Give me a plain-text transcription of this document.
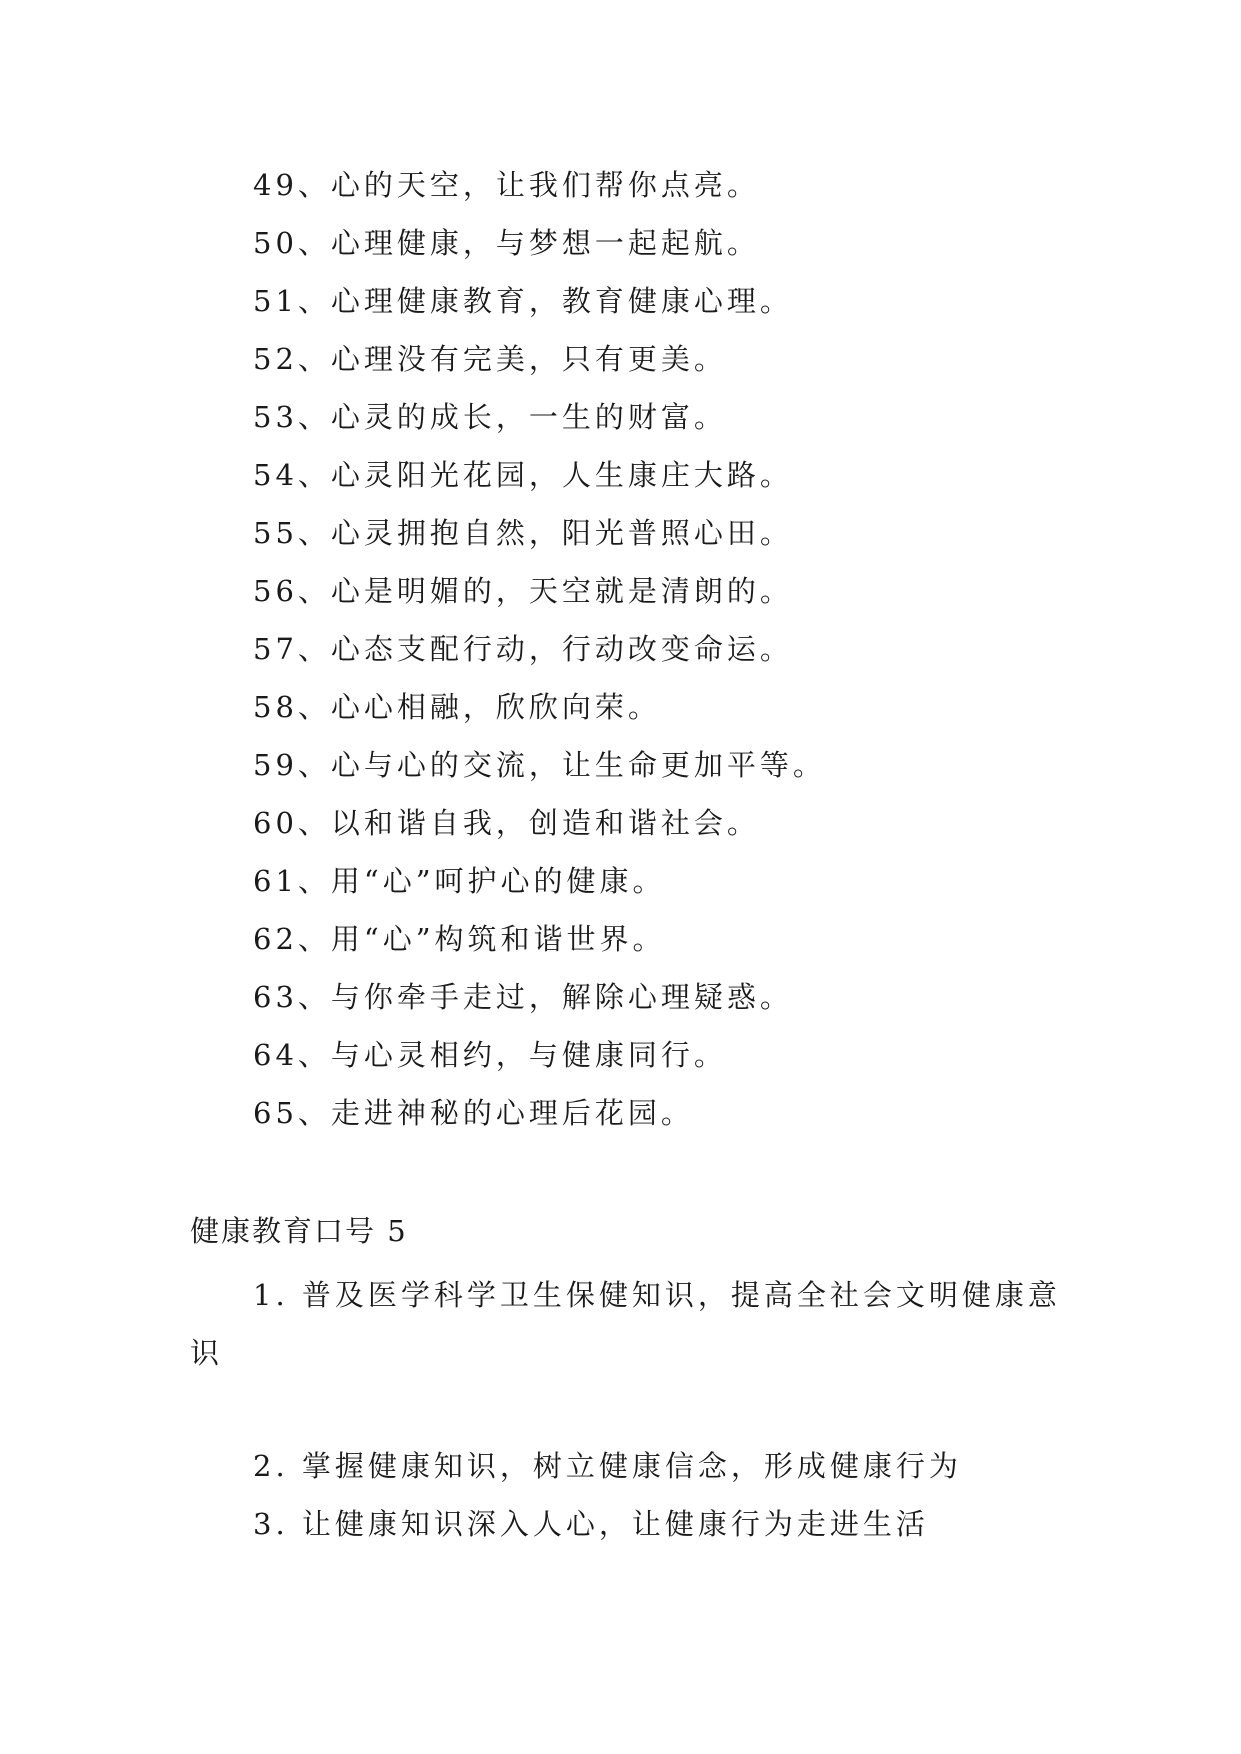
49、心的天空，让我们帮你点亮。
50、心理健康，与梦想一起起航。
51、心理健康教育，教育健康心理。
52、心理没有完美，只有更美。
53、心灵的成长，一生的财富。
54、心灵阳光花园，人生康庄大路。
55、心灵拥抱自然，阳光普照心田。
56、心是明媚的，天空就是清朗的。
57、心态支配行动，行动改变命运。
58、心心相融，欣欣向荣。
59、心与心的交流，让生命更加平等。
60、以和谐自我，创造和谐社会。
61、用“心”呵护心的健康。
62、用“心”构筑和谐世界。
63、与你牵手走过，解除心理疑惑。
64、与心灵相约，与健康同行。
65、走进神秘的心理后花园。
健康教育口号 5

1. 普及医学科学卫生保健知识，提高全社会文明健康意识

2. 掌握健康知识，树立健康信念，形成健康行为

3. 让健康知识深入人心，让健康行为走进生活
